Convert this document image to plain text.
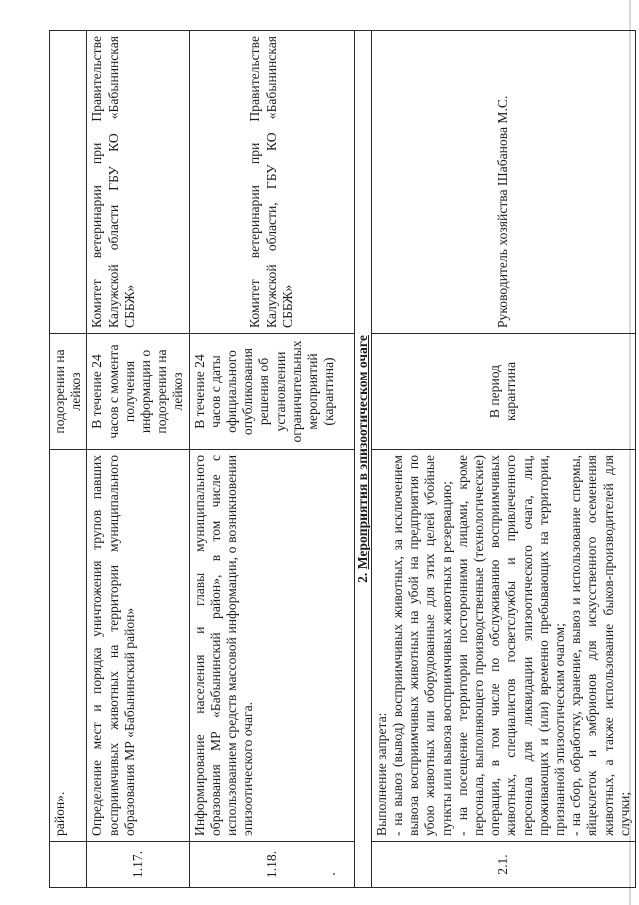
	район».	подозрении на лейкоз	
1.17.	Определение мест и порядка уничтожения трупов павших восприимчивых животных на территории муниципального образования МР «Бабынинский район»	В течение 24 часов с момента получения информации о подозрении на лейкоз	Комитет ветеринарии при Правительстве Калужской области ГБУ КО «Бабынинская СББЖ»
1.18.	Информирование населения и главы муниципального образования МР «Бабынинский район», в том числе с использованием средств массовой информации, о возникновении эпизоотического очага.	В течение 24 часов с даты официального опубликования решения об установлении ограничительных мероприятий (карантина)	Комитет ветеринарии при Правительстве Калужской области, ГБУ КО «Бабынинская СББЖ»
2. Мероприятия в эпизоотическом очаге			
2.1.	Выполнение запрета: - на вывоз (вывод) восприимчивых животных, за исключением вывоза восприимчивых животных на убой на предприятия по убою животных или оборудованные для этих целей убойные пункты или вывоза восприимчивых животных в резервацию; - на посещение территории посторонними лицами, кроме персонала, выполняющего производственные (технологические) операции, в том числе по обслуживанию восприимчивых животных, специалистов госветслужбы и привлеченного персонала для ликвидации эпизоотического очага, лиц, проживающих и (или) временно пребывающих на территории, признанной эпизоотическим очагом; - на сбор, обработку, хранение, вывоз и использование спермы, яйцеклеток и эмбрионов для искусственного осеменения животных, а также использование быков-производителей для случки;	В период карантина	Руководитель хозяйства Шабанова М.С.
